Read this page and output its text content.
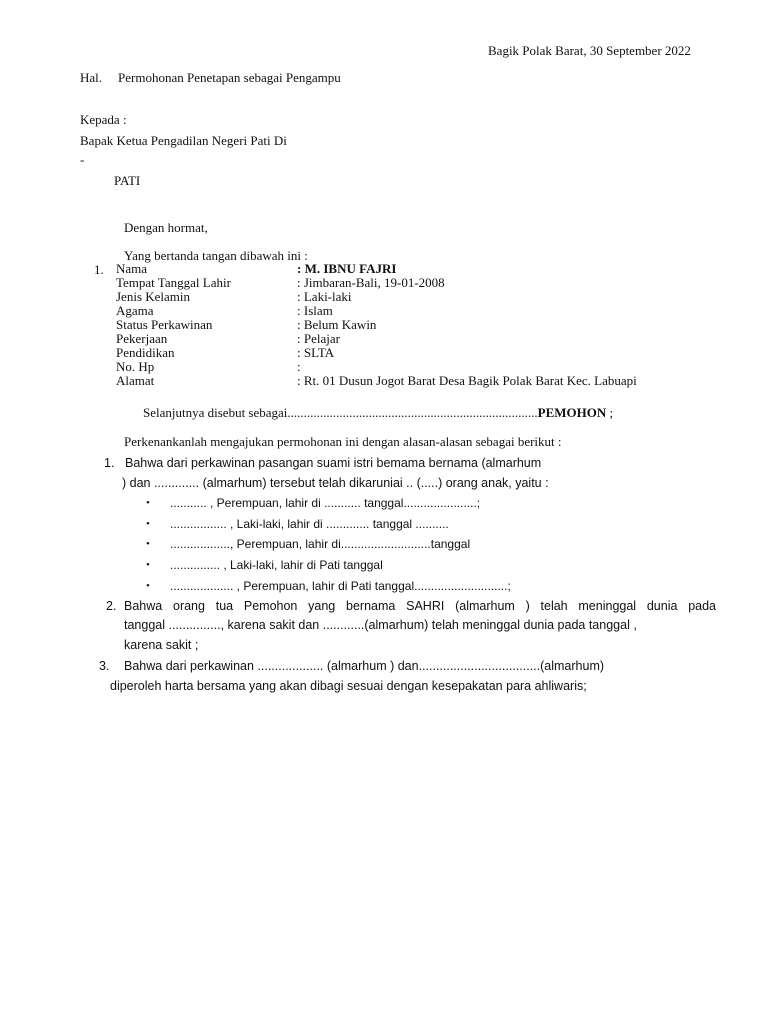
Bagik Polak Barat, 30 September 2022
Hal. Permohonan Penetapan sebagai Pengampu
Kepada :
Bapak Ketua Pengadilan Negeri Pati Di
-
PATI
Dengan hormat,
Yang bertanda tangan dibawah ini :
1. Nama	: M. IBNU FAJRI
Tempat Tanggal Lahir	: Jimbaran-Bali, 19-01-2008
Jenis Kelamin	: Laki-laki
Agama	: Islam
Status Perkawinan	: Belum Kawin
Pekerjaan	: Pelajar
Pendidikan	: SLTA
No. Hp	:
Alamat	: Rt. 01 Dusun Jogot Barat Desa Bagik Polak Barat Kec. Labuapi
Selanjutnya disebut sebagai.............................................................................PEMOHON ;
Perkenankanlah mengajukan permohonan ini dengan alasan-alasan sebagai berikut :
1. Bahwa dari perkawinan pasangan suami istri bemama bernama (almarhum
) dan ............. (almarhum) tersebut telah dikaruniai .. (.....) orang anak, yaitu :
• ........... , Perempuan, lahir di ........... tanggal......................;
• ................. , Laki-laki, lahir di ............. tanggal ..........
• .................., Perempuan, lahir di...........................tanggal
• ............... , Laki-laki, lahir di Pati tanggal
• ................... , Perempuan, lahir di Pati tanggal............................;
2. Bahwa orang tua Pemohon yang bernama SAHRI (almarhum ) telah meninggal dunia pada
tanggal ..............., karena sakit dan ............(almarhum) telah meninggal dunia pada tanggal ,
karena sakit ;
3. Bahwa dari perkawinan ................... (almarhum ) dan...................................(almarhum)
diperoleh harta bersama yang akan dibagi sesuai dengan kesepakatan para ahliwaris;
